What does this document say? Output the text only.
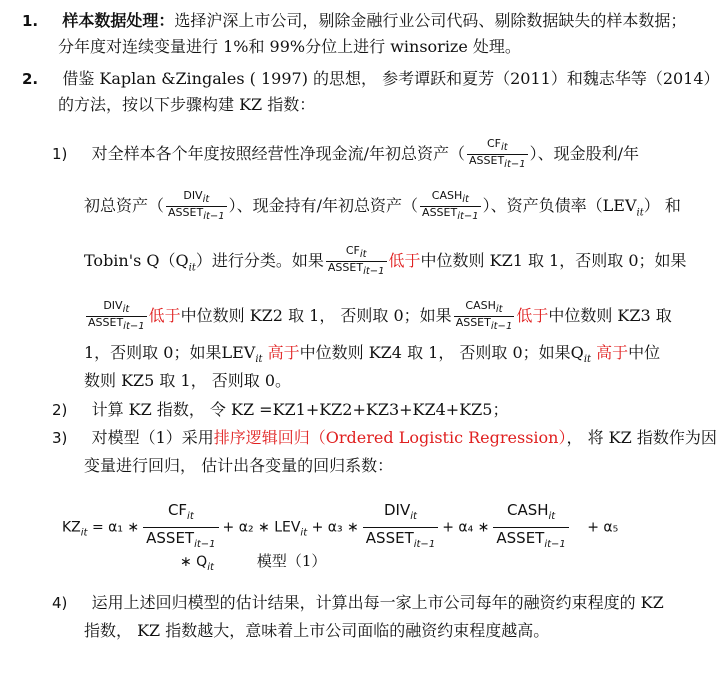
1. 样本数据处理：选择沪深上市公司，剔除金融行业公司代码、剔除数据缺失的样本数据；
分年度对连续变量进行 1%和 99%分位上进行 winsorize 处理。
2. 借鉴 Kaplan &Zingales ( 1997) 的思想， 参考谭跃和夏芳（2011）和魏志华等（2014）
的方法，按以下步骤构建 KZ 指数：
1) 对全样本各个年度按照经营性净现金流/年初总资产（ $\frac{CF_{it}}{ASSET_{it-1}}$ ）、现金股利/年
初总资产（ $\frac{DIV_{it}}{ASSET_{it-1}}$ ）、现金持有/年初总资产（ $\frac{CASH_{it}}{ASSET_{it-1}}$ ）、资产负债率$(LEV_{it})$ 和
Tobin's $Q(Q_{it})$进行分类。如果 $\frac{CF_{it}}{ASSET_{it-1}}$ 低于中位数则 KZ1 取 1，否则取 0；如果
$\frac{DIV_{it}}{ASSET_{it-1}}$ 低于中位数则 KZ2 取 1， 否则取 0；如果 $\frac{CASH_{it}}{ASSET_{it-1}}$ 低于中位数则 KZ3 取
1，否则取 0；如果$LEV_{it}$ 高于中位数则 KZ4 取 1， 否则取 0；如果$Q_{it}$ 高于中位
数则 KZ5 取 1， 否则取 0。
2) 计算 KZ 指数， 令 KZ =KZ1+KZ2+KZ3+KZ4+KZ5；
3) 对模型（1）采用排序逻辑回归（Ordered Logistic Regression）， 将 KZ 指数作为因
变量进行回归， 估计出各变量的回归系数：
$KZ_{it} = \alpha_1$ ∗
$CF_{it}$
$ASSET_{it-1}$
+ α₂ ∗ $LEV_{it} + \alpha_3$ ∗
$DIV_{it}$
$ASSET_{it-1}$
+ α₄ ∗
$CASH_{it}$
$ASSET_{it-1}$
+ α₅
∗ $Q_{it}$	模型（1）
4) 运用上述回归模型的估计结果，计算出每一家上市公司每年的融资约束程度的 KZ
指数， KZ 指数越大，意味着上市公司面临的融资约束程度越高。
